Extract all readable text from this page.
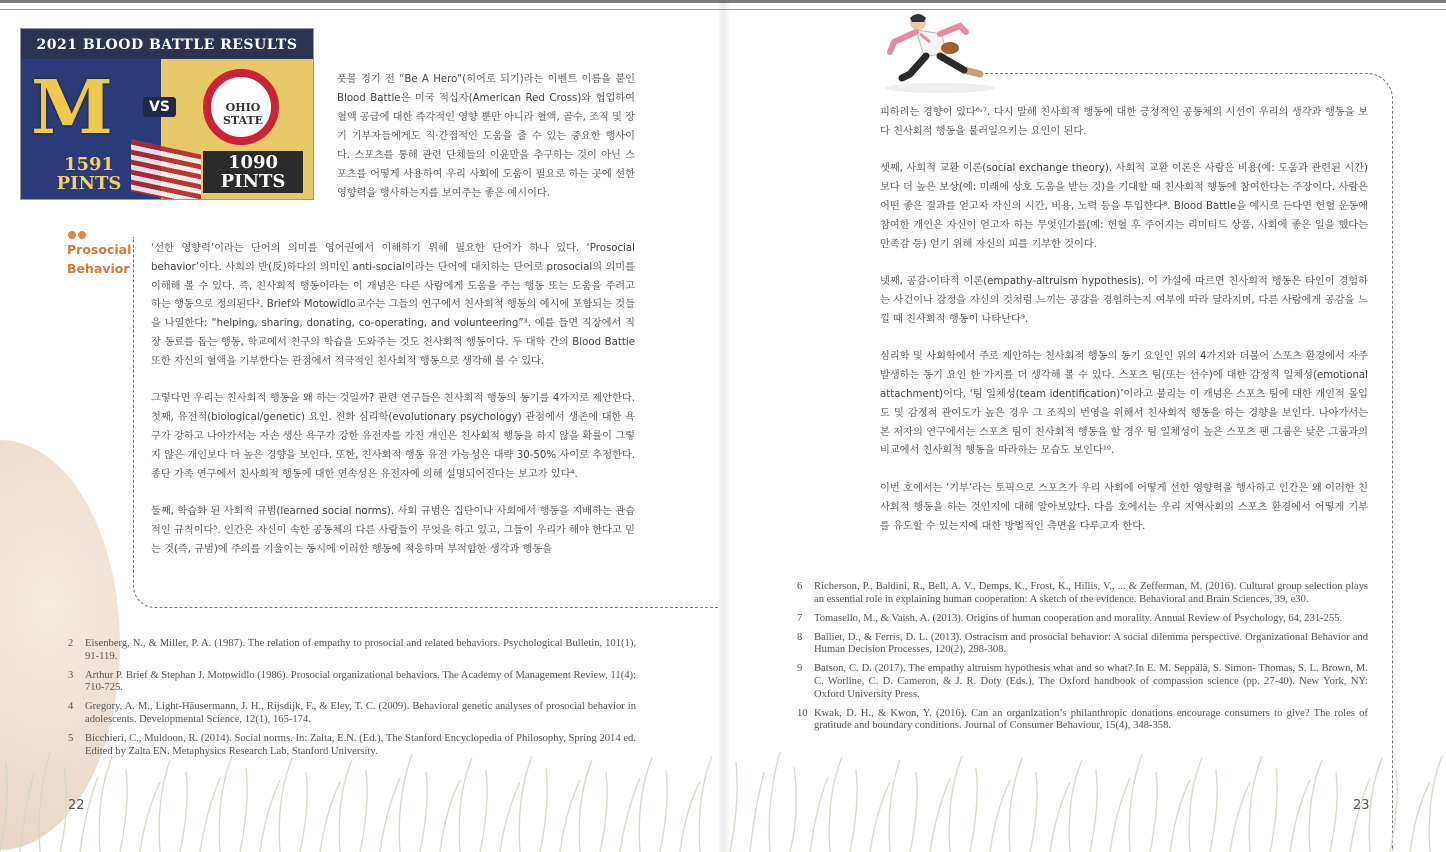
2021 BLOOD BATTLE RESULTS
M	VS	OHIO STATE
1591
PINTS
1090
PINTS
풋볼 경기 전 “Be A Hero”(히어로 되기)라는 이벤트 이름을 붙인 Blood Battle은 미국 적십자(American Red Cross)와 협업하여 혈액 공급에 대한 즉각적인 영향 뿐만 아니라 혈액, 골수, 조직 및 장기 기부자들에게도 직·간접적인 도움을 줄 수 있는 중요한 행사이다. 스포츠를 통해 관련 단체들의 이윤만을 추구하는 것이 아닌 스포츠를 어떻게 사용하여 우리 사회에 도움이 필요로 하는 곳에 선한 영향력을 행사하는지를 보여주는 좋은 예시이다.
Prosocial
Behavior

‘선한 영향력’이라는 단어의 의미를 영어권에서 이해하기 위해 필요한 단어가 하나 있다. ‘Prosocial behavior’이다. 사회의 반(反)하다의 의미인 anti-social이라는 단어에 대치하는 단어로 prosocial의 의미를 이해해 볼 수 있다. 즉, 친사회적 행동이라는 이 개념은 다른 사람에게 도움을 주는 행동 또는 도움을 주려고 하는 행동으로 정의된다². Brief와 Motowidlo교수는 그들의 연구에서 친사회적 행동의 예시에 포함되는 것들을 나열한다: “helping, sharing, donating, co-operating, and volunteering”³. 예를 들면 직장에서 직장 동료를 돕는 행동, 학교에서 친구의 학습을 도와주는 것도 친사회적 행동이다. 두 대학 간의 Blood Battle 또한 자신의 혈액을 기부한다는 관점에서 적극적인 친사회적 행동으로 생각해 볼 수 있다.

그렇다면 우리는 친사회적 행동을 왜 하는 것일까? 관련 연구들은 친사회적 행동의 동기를 4가지로 제안한다. 첫째, 유전적(biological/genetic) 요인. 진화 심리학(evolutionary psychology) 관점에서 생존에 대한 욕구가 강하고 나아가서는 자손 생산 욕구가 강한 유전자를 가진 개인은 친사회적 행동을 하지 않을 확률이 그렇지 않은 개인보다 더 높은 경향을 보인다. 또한, 친사회적 행동 유전 가능성은 대략 30-50% 사이로 추정한다. 종단 가족 연구에서 친사회적 행동에 대한 연속성은 유전자에 의해 설명되어진다는 보고가 있다⁴.

둘째, 학습화 된 사회적 규범(learned social norms). 사회 규범은 집단이나 사회에서 행동을 지배하는 관습적인 규칙이다⁵. 인간은 자신이 속한 공동체의 다른 사람들이 무엇을 하고 있고, 그들이 우리가 해야 한다고 믿는 것(즉, 규범)에 주의를 기울이는 동시에 이러한 행동에 적응하며 부적합한 생각과 행동을

피하려는 경향이 있다⁶˒⁷. 다시 말해 친사회적 행동에 대한 긍정적인 공동체의 시선이 우리의 생각과 행동을 보다 친사회적 행동을 불러일으키는 요인이 된다.

셋째, 사회적 교환 이론(social exchange theory). 사회적 교환 이론은 사람은 비용(예: 도움과 관련된 시간)보다 더 높은 보상(예: 미래에 상호 도움을 받는 것)을 기대할 때 친사회적 행동에 참여한다는 주장이다. 사람은 어떤 좋은 결과를 얻고자 자신의 시간, 비용, 노력 등을 투입한다⁸. Blood Battle을 예시로 든다면 헌혈 운동에 참여한 개인은 자신이 얻고자 하는 무엇인가를(예: 헌혈 후 주어지는 리미티드 상품, 사회에 좋은 일을 했다는 만족감 등) 얻기 위해 자신의 피를 기부한 것이다.

넷째, 공감-이타적 이론(empathy-altruism hypothesis). 이 가설에 따르면 친사회적 행동은 타인이 경험하는 사건이나 감정을 자신의 것처럼 느끼는 공감을 경험하는지 여부에 따라 달라지며, 다른 사람에게 공감을 느낄 때 친사회적 행동이 나타난다⁹.

심리학 및 사회학에서 주로 제안하는 친사회적 행동의 동기 요인인 위의 4가지와 더불어 스포츠 환경에서 자주 발생하는 동기 요인 한 가지를 더 생각해 볼 수 있다. 스포츠 팀(또는 선수)에 대한 감정적 일체성(emotional attachment)이다. ‘팀 일체성(team identification)’이라고 불리는 이 개념은 스포츠 팀에 대한 개인적 몰입도 및 감정적 관여도가 높은 경우 그 조직의 번영을 위해서 친사회적 행동을 하는 경향을 보인다. 나아가서는 본 저자의 연구에서는 스포츠 팀이 친사회적 행동을 할 경우 팀 일체성이 높은 스포츠 팬 그룹은 낮은 그룹과의 비교에서 친사회적 행동을 따라하는 모습도 보인다¹⁰.

이번 호에서는 ‘기부’라는 토픽으로 스포츠가 우리 사회에 어떻게 선한 영향력을 행사하고 인간은 왜 이러한 친사회적 행동을 하는 것인지에 대해 알아보았다. 다음 호에서는 우리 지역사회의 스포츠 환경에서 어떻게 기부를 유도할 수 있는지에 대한 방법적인 측면을 다루고자 한다.

2	Eisenberg, N., & Miller, P. A. (1987). The relation of empathy to prosocial and related behaviors. Psychological Bulletin, 101(1), 91-119.
3	Arthur P. Brief & Stephan J. Motowidlo (1986). Prosocial organizational behaviors. The Academy of Management Review, 11(4): 710-725.
4	Gregory, A. M., Light-Häusermann, J. H., Rijsdijk, F., & Eley, T. C. (2009). Behavioral genetic analyses of prosocial behavior in adolescents. Developmental Science, 12(1), 165-174.
5	Bicchieri, C., Muldoon, R. (2014). Social norms. In: Zalta, E.N. (Ed.), The Stanford Encyclopedia of Philosophy, Spring 2014 ed. Edited by Zalta EN. Metaphysics Research Lab, Stanford University.
6	Richerson, P., Baldini, R., Bell, A. V., Demps, K., Frost, K., Hillis, V., ... & Zefferman, M. (2016). Cultural group selection plays an essential role in explaining human cooperation: A sketch of the evidence. Behavioral and Brain Sciences, 39, e30.
7	Tomasello, M., & Vaish, A. (2013). Origins of human cooperation and morality. Annual Review of Psychology, 64, 231-255.
8	Balliet, D., & Ferris, D. L. (2013). Ostracism and prosocial behavior: A social dilemma perspective. Organizational Behavior and Human Decision Processes, 120(2), 298-308.
9	Batson, C. D. (2017). The empathy altruism hypothesis what and so what? In E. M. Seppälä, S. Simon- Thomas, S. L. Brown, M. C. Worline, C. D. Cameron, & J. R. Doty (Eds.), The Oxford handbook of compassion science (pp. 27-40). New York, NY: Oxford University Press.
10 Kwak, D. H., & Kwon, Y. (2016). Can an organization’s philanthropic donations encourage consumers to give? The roles of gratitude and boundary conditions. Journal of Consumer Behaviour, 15(4), 348-358.
22	23
